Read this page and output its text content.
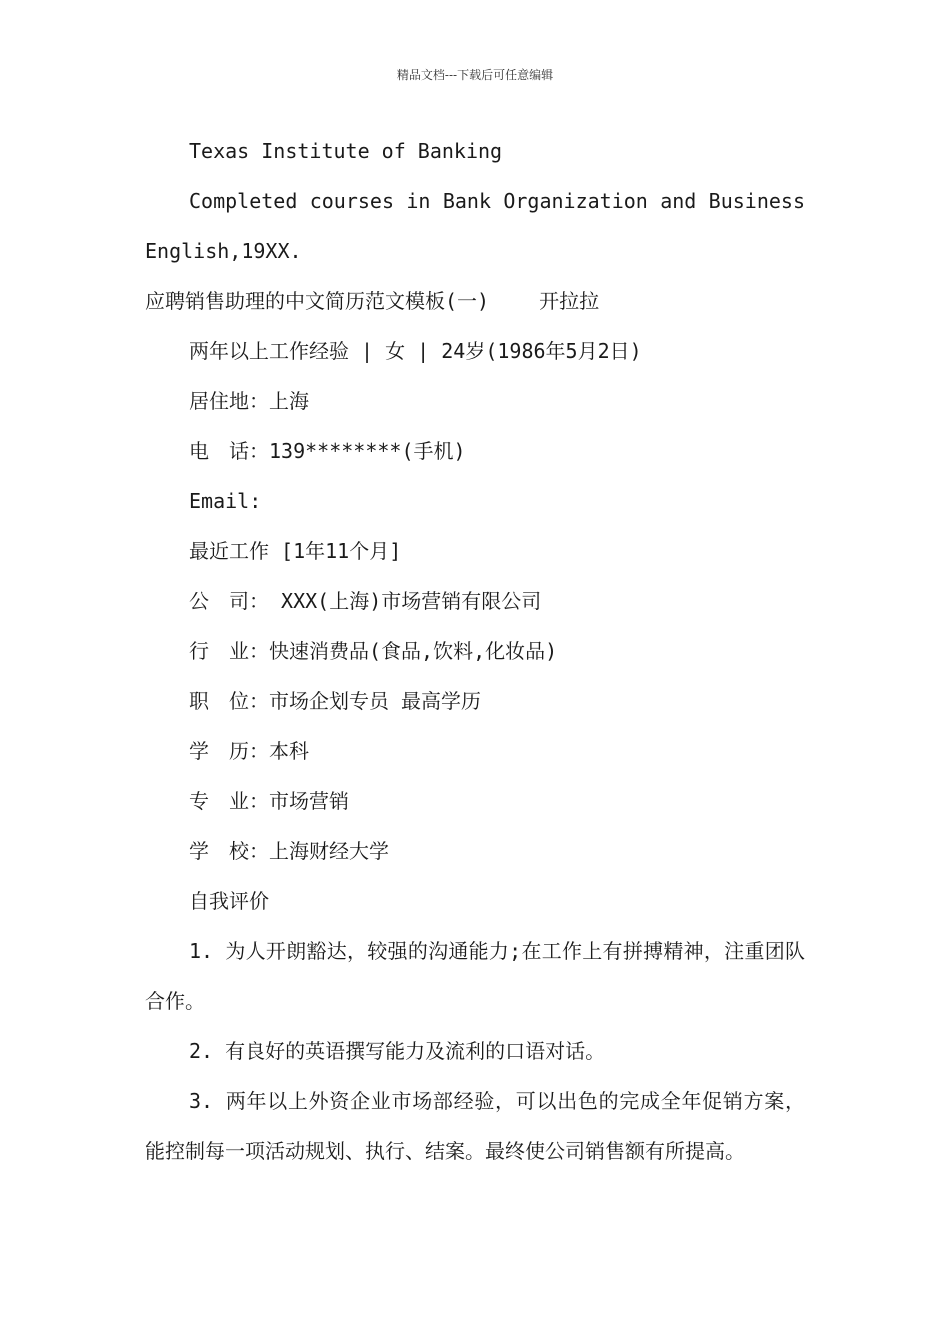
精品文档---下载后可任意编辑

Texas Institute of Banking

Completed courses in Bank Organization and Business English,19XX.

应聘销售助理的中文简历范文模板(一)	开拉拉

两年以上工作经验 | 女 | 24岁(1986年5月2日)

居住地：上海

电　话：139********(手机)

Email:

最近工作 [1年11个月]

公　司： XXX(上海)市场营销有限公司

行　业：快速消费品(食品,饮料,化妆品)

职　位：市场企划专员 最高学历

学　历：本科

专　业：市场营销

学　校：上海财经大学

自我评价

1. 为人开朗豁达，较强的沟通能力;在工作上有拼搏精神，注重团队合作。

2. 有良好的英语撰写能力及流利的口语对话。

3. 两年以上外资企业市场部经验，可以出色的完成全年促销方案，能控制每一项活动规划、执行、结案。最终使公司销售额有所提高。
